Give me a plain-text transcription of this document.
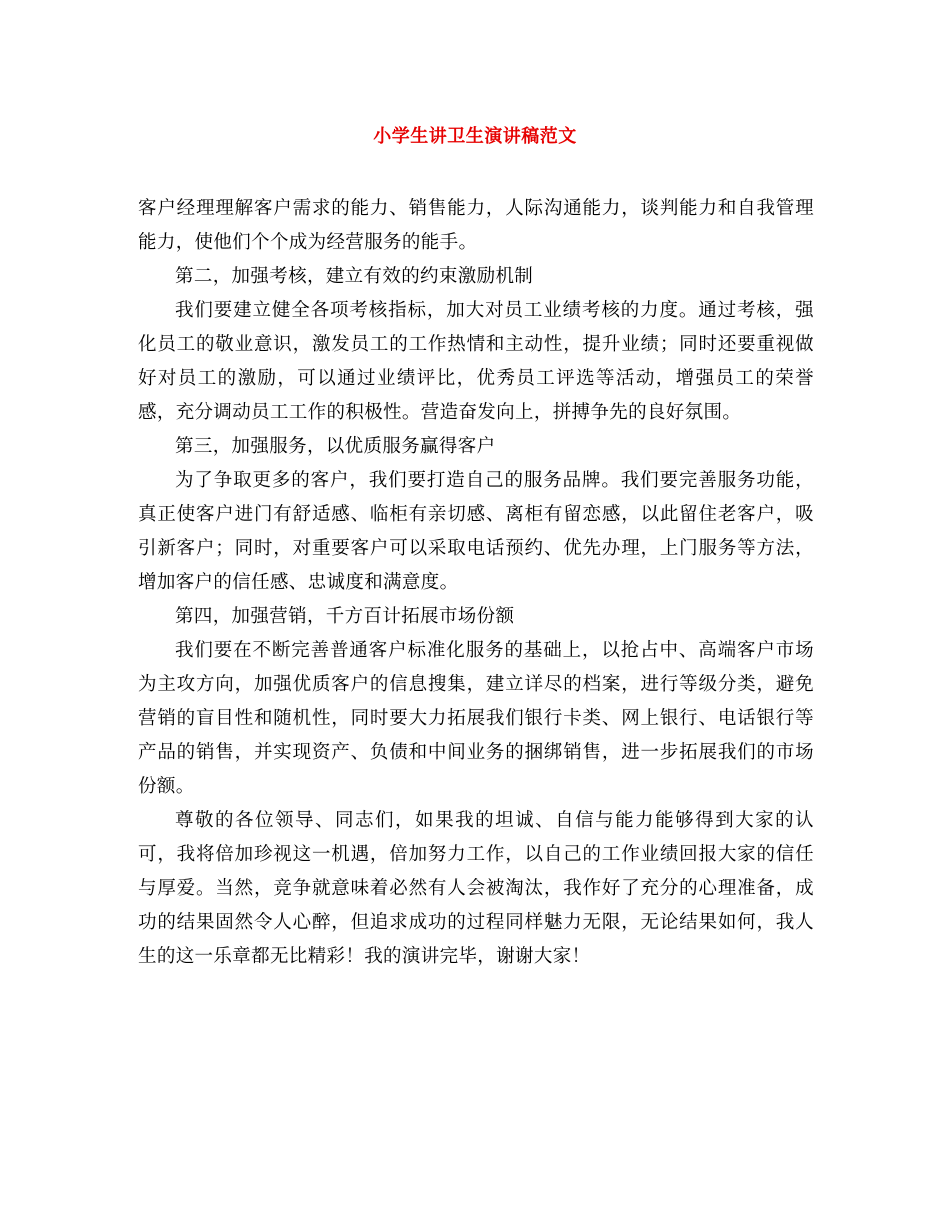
小学生讲卫生演讲稿范文

客户经理理解客户需求的能力、销售能力，人际沟通能力，谈判能力和自我管理能力，使他们个个成为经营服务的能手。

第二，加强考核，建立有效的约束激励机制

我们要建立健全各项考核指标，加大对员工业绩考核的力度。通过考核，强化员工的敬业意识，激发员工的工作热情和主动性，提升业绩；同时还要重视做好对员工的激励，可以通过业绩评比，优秀员工评选等活动，增强员工的荣誉感，充分调动员工工作的积极性。营造奋发向上，拼搏争先的良好氛围。

第三，加强服务，以优质服务赢得客户

为了争取更多的客户，我们要打造自己的服务品牌。我们要完善服务功能，真正使客户进门有舒适感、临柜有亲切感、离柜有留恋感，以此留住老客户，吸引新客户；同时，对重要客户可以采取电话预约、优先办理，上门服务等方法，增加客户的信任感、忠诚度和满意度。

第四，加强营销，千方百计拓展市场份额

我们要在不断完善普通客户标准化服务的基础上，以抢占中、高端客户市场为主攻方向，加强优质客户的信息搜集，建立详尽的档案，进行等级分类，避免营销的盲目性和随机性，同时要大力拓展我们银行卡类、网上银行、电话银行等产品的销售，并实现资产、负债和中间业务的捆绑销售，进一步拓展我们的市场份额。

尊敬的各位领导、同志们，如果我的坦诚、自信与能力能够得到大家的认可，我将倍加珍视这一机遇，倍加努力工作，以自己的工作业绩回报大家的信任与厚爱。当然，竞争就意味着必然有人会被淘汰，我作好了充分的心理准备，成功的结果固然令人心醉，但追求成功的过程同样魅力无限，无论结果如何，我人生的这一乐章都无比精彩！我的演讲完毕，谢谢大家！
